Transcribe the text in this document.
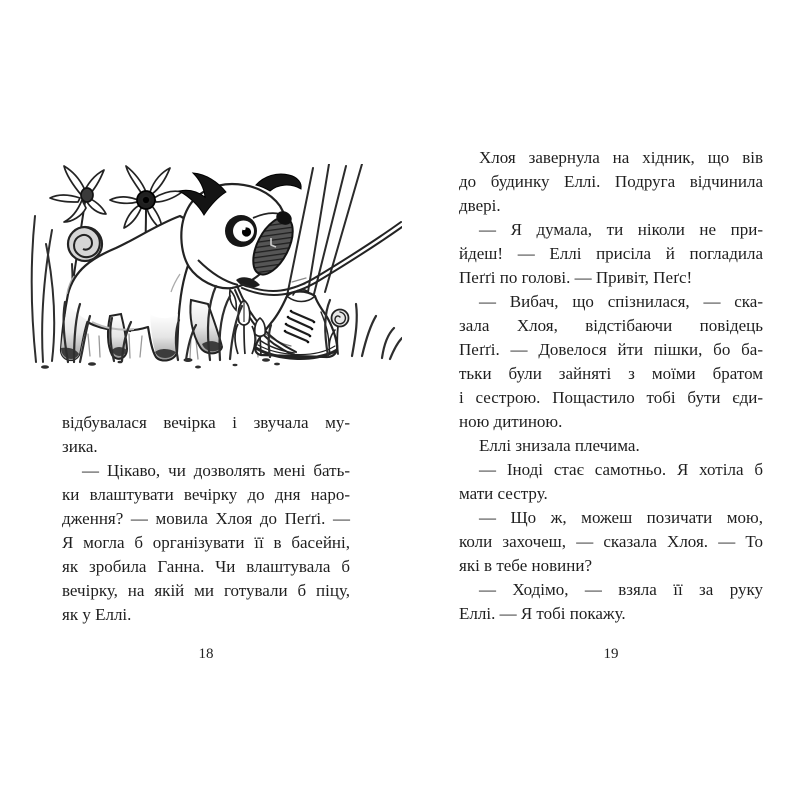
відбувалася вечірка і звучала му-
зика.
— Цікаво, чи дозволять мені бать-
ки влаштувати вечірку до дня наро-
дження? — мовила Хлоя до Пеґґі. —
Я могла б організувати її в басейні,
як зробила Ганна. Чи влаштувала б
вечірку, на якій ми готували б піцу,
як у Еллі.
Хлоя завернула на хідник, що вів
до будинку Еллі. Подруга відчинила
двері.
— Я думала, ти ніколи не при-
йдеш! — Еллі присіла й погладила
Пеґґі по голові. — Привіт, Пеґс!
— Вибач, що спізнилася, — ска-
зала Хлоя, відстібаючи повідець
Пеґґі. — Довелося йти пішки, бо ба-
тьки були зайняті з моїми братом
і сестрою. Пощастило тобі бути єди-
ною дитиною.
Еллі знизала плечима.
— Іноді стає самотньо. Я хотіла б
мати сестру.
— Що ж, можеш позичати мою,
коли захочеш, — сказала Хлоя. — То
які в тебе новини?
— Ходімо, — взяла її за руку
Еллі. — Я тобі покажу.
18	19
